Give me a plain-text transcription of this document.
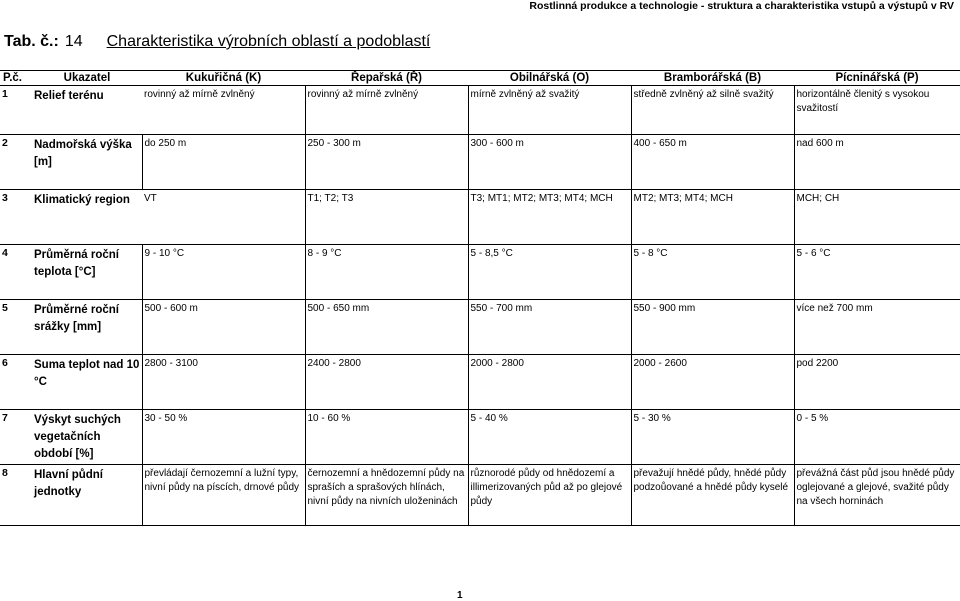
Rostlinná produkce a technologie - struktura a charakteristika vstupů a výstupů v RV
Tab. č.: 14 Charakteristika výrobních oblastí a podoblastí
P.č.	Ukazatel	Kukuřičná (K)	Řepařská (Ř)	Obilnářská (O)	Bramborářská (B)	Pícninářská (P)
1	Relief terénu	rovinný až mírně zvlněný	rovinný až mírně zvlněný	mírně zvlněný až svažitý	středně zvlněný až silně svažitý	horizontálně členitý s vysokou svažitostí
2	Nadmořská výška [m]	do 250 m	250 - 300 m	300 - 600 m	400 - 650 m	nad 600 m
3	Klimatický region	VT	T1; T2; T3	T3; MT1; MT2; MT3; MT4; MCH	MT2; MT3; MT4; MCH	MCH; CH
4	Průměrná roční teplota [°C]	9 - 10 °C	8 - 9 °C	5 - 8,5 °C	5 - 8 °C	5 - 6 °C
5	Průměrné roční srážky [mm]	500 - 600 m	500 - 650 mm	550 - 700 mm	550 - 900 mm	více než 700 mm
6	Suma teplot nad 10 °C	2800 - 3100	2400 - 2800	2000 - 2800	2000 - 2600	pod 2200
7	Výskyt suchých vegetačních období [%]	30 - 50 %	10 - 60 %	5 - 40 %	5 - 30 %	0 - 5 %
8	Hlavní půdní jednotky	převládají černozemní a lužní typy, nivní půdy na píscích, drnové půdy	černozemní a hnědozemní půdy na spraších a sprašových hlínách, nivní půdy na nivních uloženinách	různorodé půdy od hnědozemí a illimerizovaných půd až po glejové půdy	převažují hnědé půdy, hnědé půdy podzoůované a hnědé půdy kyselé	převážná část půd jsou hnědé půdy oglejované a glejové, svažité půdy na všech horninách
1
